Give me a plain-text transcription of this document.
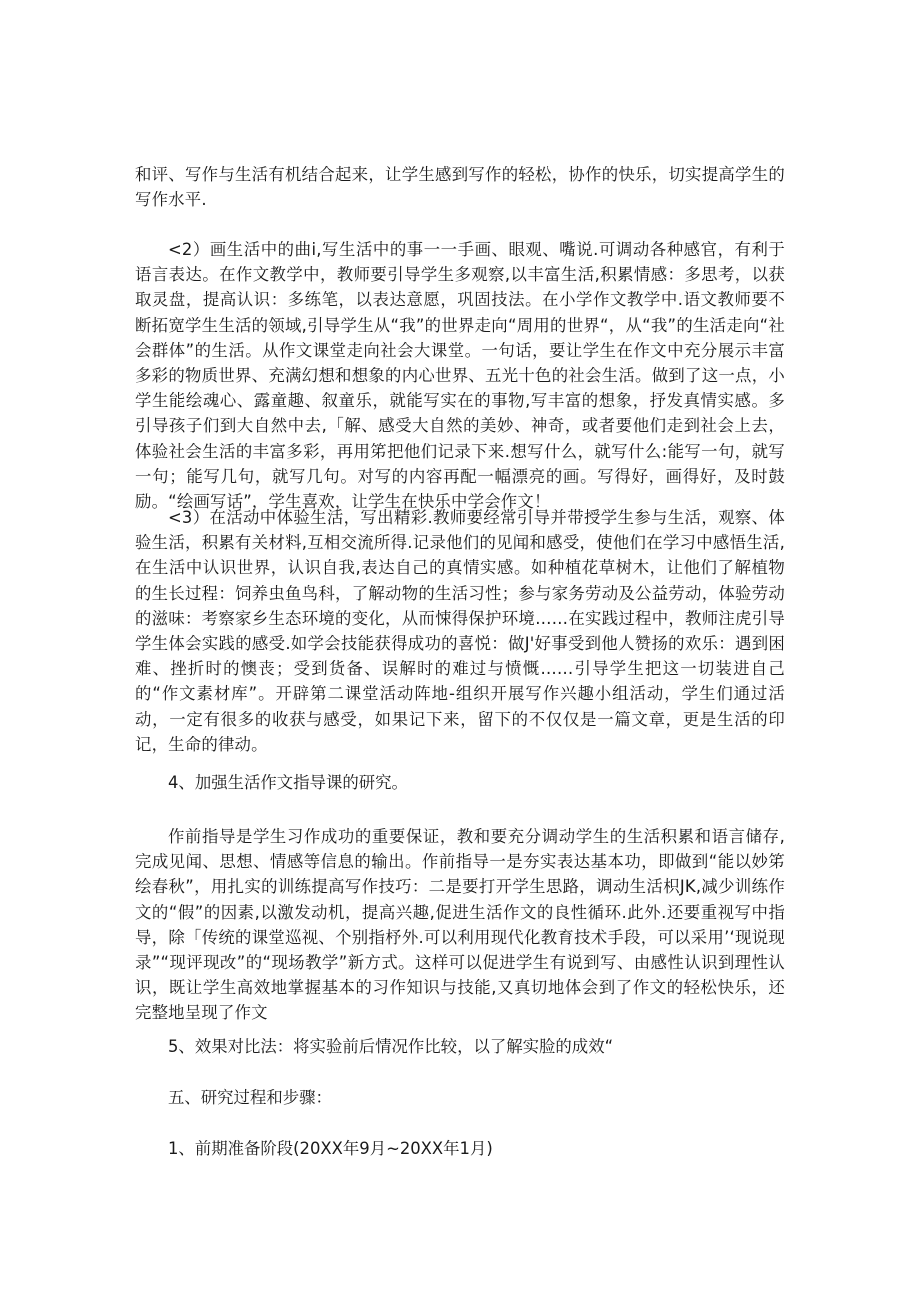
和评、写作与生活有机结合起来，让学生感到写作的轻松，协作的快乐，切实提高学生的写作水平.

<2）画生活中的曲i,写生活中的事一一手画、眼观、嘴说.可调动各种感官，有利于语言表达。在作文教学中，教师要引导学生多观察,以丰富生活,积累情感：多思考，以获取灵盘，提高认识：多练笔，以表达意愿，巩固技法。在小学作文教学中.语文教师要不断拓宽学生生活的领域,引导学生从“我”的世界走向“周用的世界“，从“我”的生活走向“社会群体”的生活。从作文课堂走向社会大课堂。一句话，要让学生在作文中充分展示丰富多彩的物质世界、充满幻想和想象的内心世界、五光十色的社会生活。做到了这一点，小学生能绘魂心、露童趣、叙童乐，就能写实在的事物,写丰富的想象，抒发真情实感。多引导孩子们到大自然中去,「解、感受大自然的美妙、神奇，或者要他们走到社会上去，体验社会生活的丰富多彩，再用笫把他们记录下来.想写什么，就写什么:能写一句，就写一句；能写几句，就写几句。对写的内容再配一幅漂亮的画。写得好，画得好，及时鼓励。“绘画写话”，学生喜欢，让学生在快乐中学会作文！

<3）在活动中体验生活，写出精彩.教师要经常引导并带授学生参与生活，观察、体验生活，积累有关材料,互相交流所得.记录他们的见闻和感受，使他们在学习中感悟生活,在生活中认识世界，认识自我,表达自己的真情实感。如种植花草树木，让他们了解植物的生长过程：饲养虫鱼鸟科，了解动物的生活习性；参与家务劳动及公益劳动，体验劳动的滋味：考察家乡生态环境的变化，从而悚得保护环境……在实践过程中，教师注虎引导学生体会实践的感受.如学会技能获得成功的喜悦：做J'好事受到他人赞扬的欢乐：遇到困难、挫折时的懊丧；受到货备、误解时的难过与愤慨……引导学生把这一切装进自己的“作文素材库”。开辟第二课堂活动阵地-组织开展写作兴趣小组活动，学生们通过活动，一定有很多的收获与感受，如果记下来，留下的不仅仅是一篇文章，更是生活的印记，生命的律动。

4、加强生活作文指导课的研究。

作前指导是学生习作成功的重要保证，教和要充分调动学生的生活积累和语言储存,完成见闻、思想、情感等信息的输出。作前指导一是夯实表达基本功，即做到“能以妙笫绘春秋”，用扎实的训练提高写作技巧：二是要打开学生思路，调动生活枳JK,减少训练作文的“假”的因素,以激发动机，提高兴趣,促进生活作文的良性循环.此外.还要重视写中指导，除「传统的课堂巡视、个别指杼外.可以利用现代化教育技术手段，可以采用’‘现说现录”“现评现改”的“现场教学”新方式。这样可以促进学生有说到写、由感性认识到理性认识，既让学生高效地掌握基本的习作知识与技能,又真切地体会到了作文的轻松快乐，还完整地呈现了作文

5、效果对比法：将实验前后情况作比较，以了解实脸的成效“

五、研究过程和步骤：

1、前期准备阶段(20XX年9月~20XX年1月)
